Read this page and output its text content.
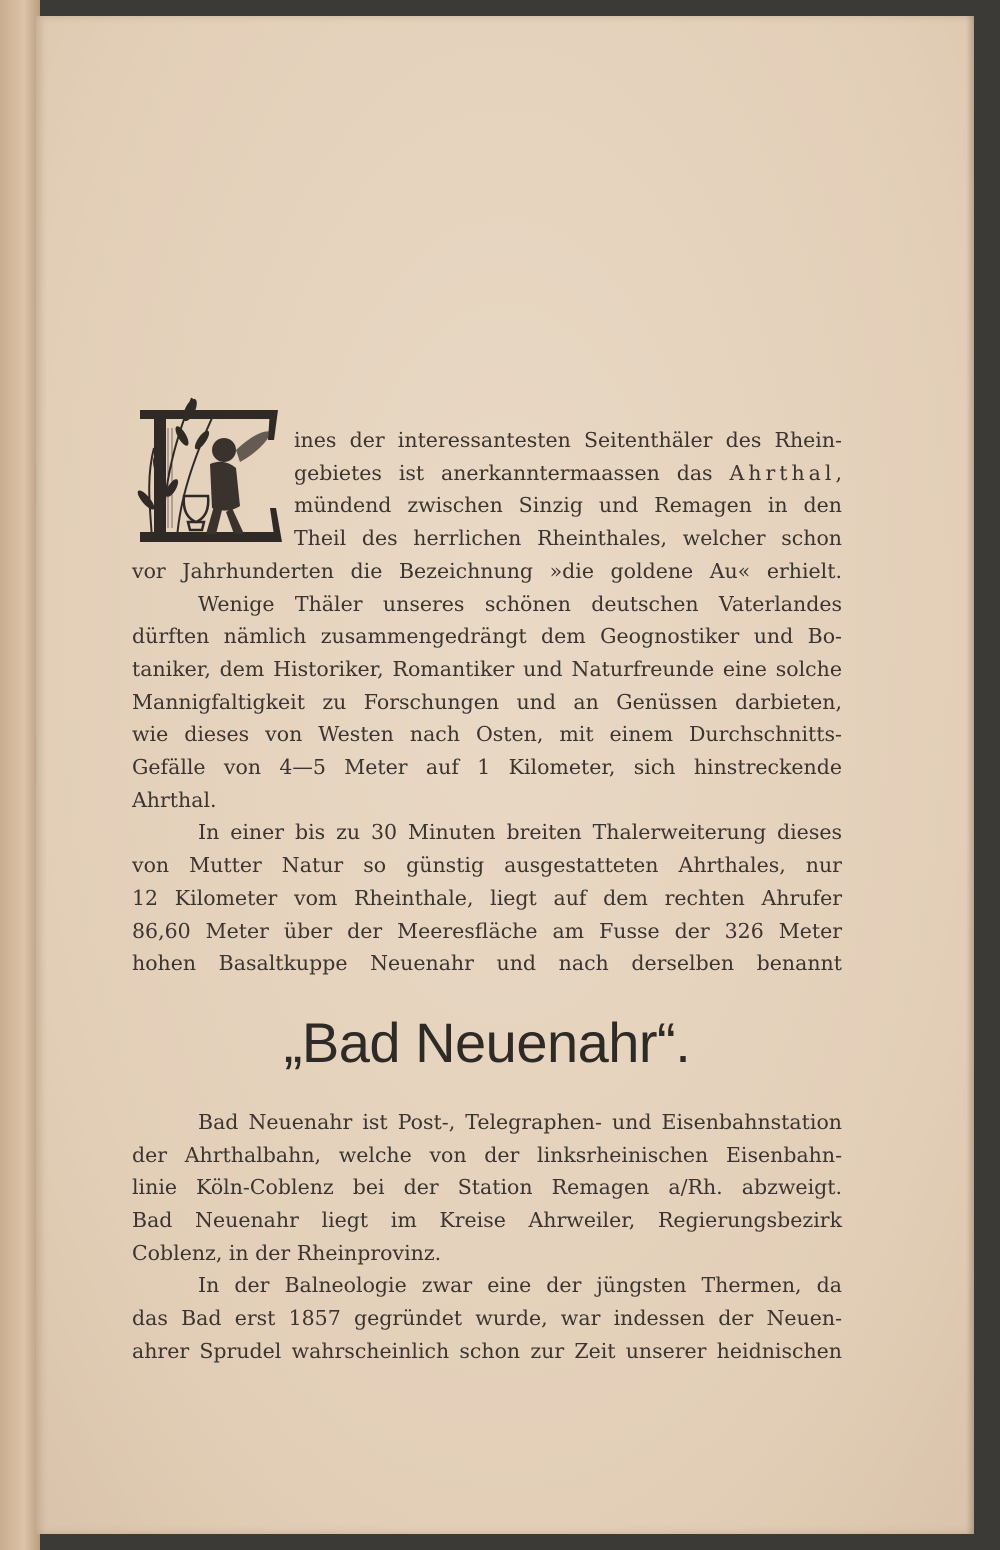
ines der interessantesten Seitenthäler des Rhein-
gebietes ist anerkanntermaassen das Ahrthal,
mündend zwischen Sinzig und Remagen in den
Theil des herrlichen Rheinthales, welcher schon

vor Jahrhunderten die Bezeichnung »die goldene Au« erhielt.

Wenige Thäler unseres schönen deutschen Vaterlandes
dürften nämlich zusammengedrängt dem Geognostiker und Bo-
taniker, dem Historiker, Romantiker und Naturfreunde eine solche
Mannigfaltigkeit zu Forschungen und an Genüssen darbieten,
wie dieses von Westen nach Osten, mit einem Durchschnitts-
Gefälle von 4—5 Meter auf 1 Kilometer, sich hinstreckende
Ahrthal.

In einer bis zu 30 Minuten breiten Thalerweiterung dieses
von Mutter Natur so günstig ausgestatteten Ahrthales, nur
12 Kilometer vom Rheinthale, liegt auf dem rechten Ahrufer
86,60 Meter über der Meeresfläche am Fusse der 326 Meter
hohen Basaltkuppe Neuenahr und nach derselben benannt

„Bad Neuenahr“.

Bad Neuenahr ist Post-, Telegraphen- und Eisenbahnstation
der Ahrthalbahn, welche von der linksrheinischen Eisenbahn-
linie Köln-Coblenz bei der Station Remagen a/Rh. abzweigt.
Bad Neuenahr liegt im Kreise Ahrweiler, Regierungsbezirk
Coblenz, in der Rheinprovinz.

In der Balneologie zwar eine der jüngsten Thermen, da
das Bad erst 1857 gegründet wurde, war indessen der Neuen-
ahrer Sprudel wahrscheinlich schon zur Zeit unserer heidnischen
